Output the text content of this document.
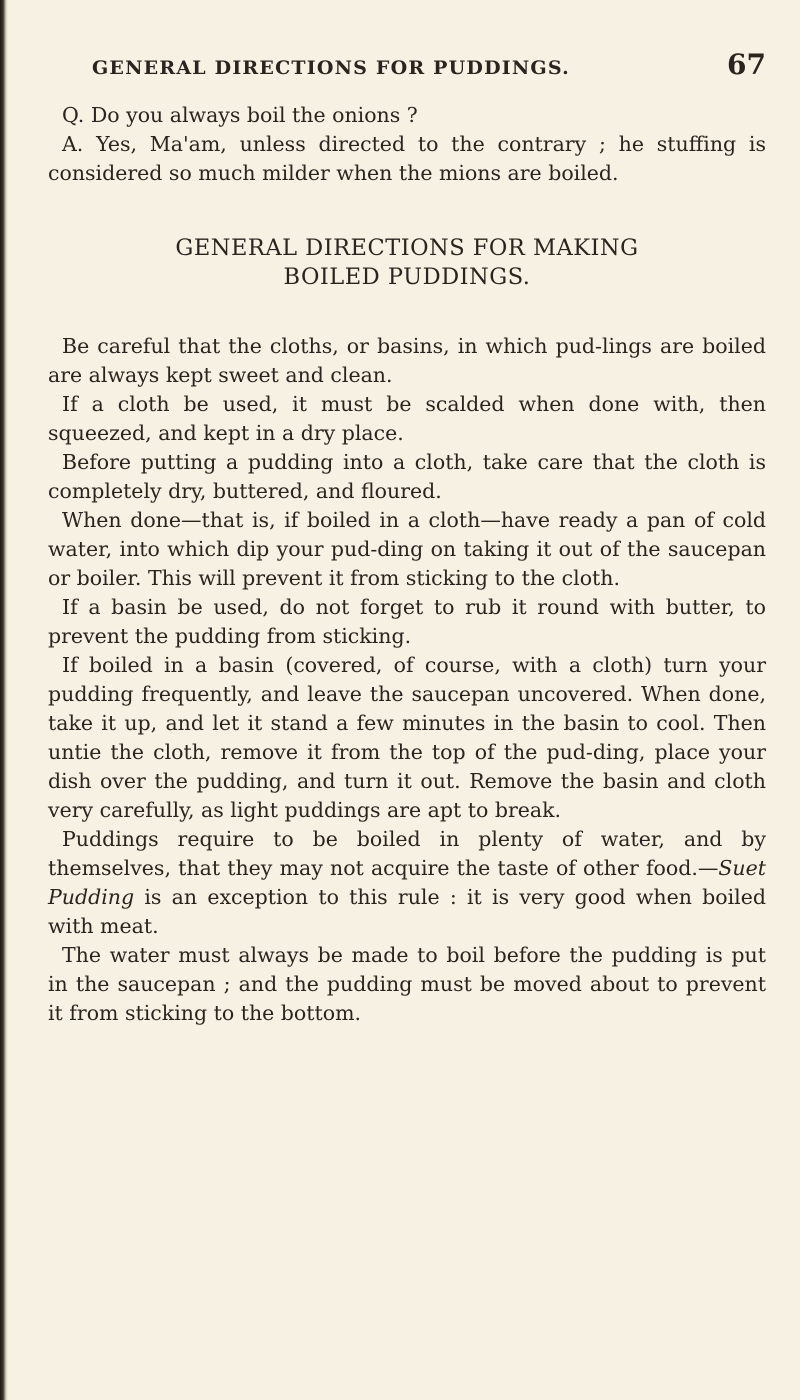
GENERAL DIRECTIONS FOR PUDDINGS.	67

Q. Do you always boil the onions ?

A. Yes, Ma'am, unless directed to the contrary ; he stuffing is considered so much milder when the mions are boiled.

GENERAL DIRECTIONS FOR MAKING
BOILED PUDDINGS.

Be careful that the cloths, or basins, in which pud-lings are boiled are always kept sweet and clean.

If a cloth be used, it must be scalded when done with, then squeezed, and kept in a dry place.

Before putting a pudding into a cloth, take care that the cloth is completely dry, buttered, and floured.

When done—that is, if boiled in a cloth—have ready a pan of cold water, into which dip your pud-ding on taking it out of the saucepan or boiler. This will prevent it from sticking to the cloth.

If a basin be used, do not forget to rub it round with butter, to prevent the pudding from sticking.

If boiled in a basin (covered, of course, with a cloth) turn your pudding frequently, and leave the saucepan uncovered. When done, take it up, and let it stand a few minutes in the basin to cool. Then untie the cloth, remove it from the top of the pud-ding, place your dish over the pudding, and turn it out. Remove the basin and cloth very carefully, as light puddings are apt to break.

Puddings require to be boiled in plenty of water, and by themselves, that they may not acquire the taste of other food.—Suet Pudding is an exception to this rule : it is very good when boiled with meat.

The water must always be made to boil before the pudding is put in the saucepan ; and the pudding must be moved about to prevent it from sticking to the bottom.
